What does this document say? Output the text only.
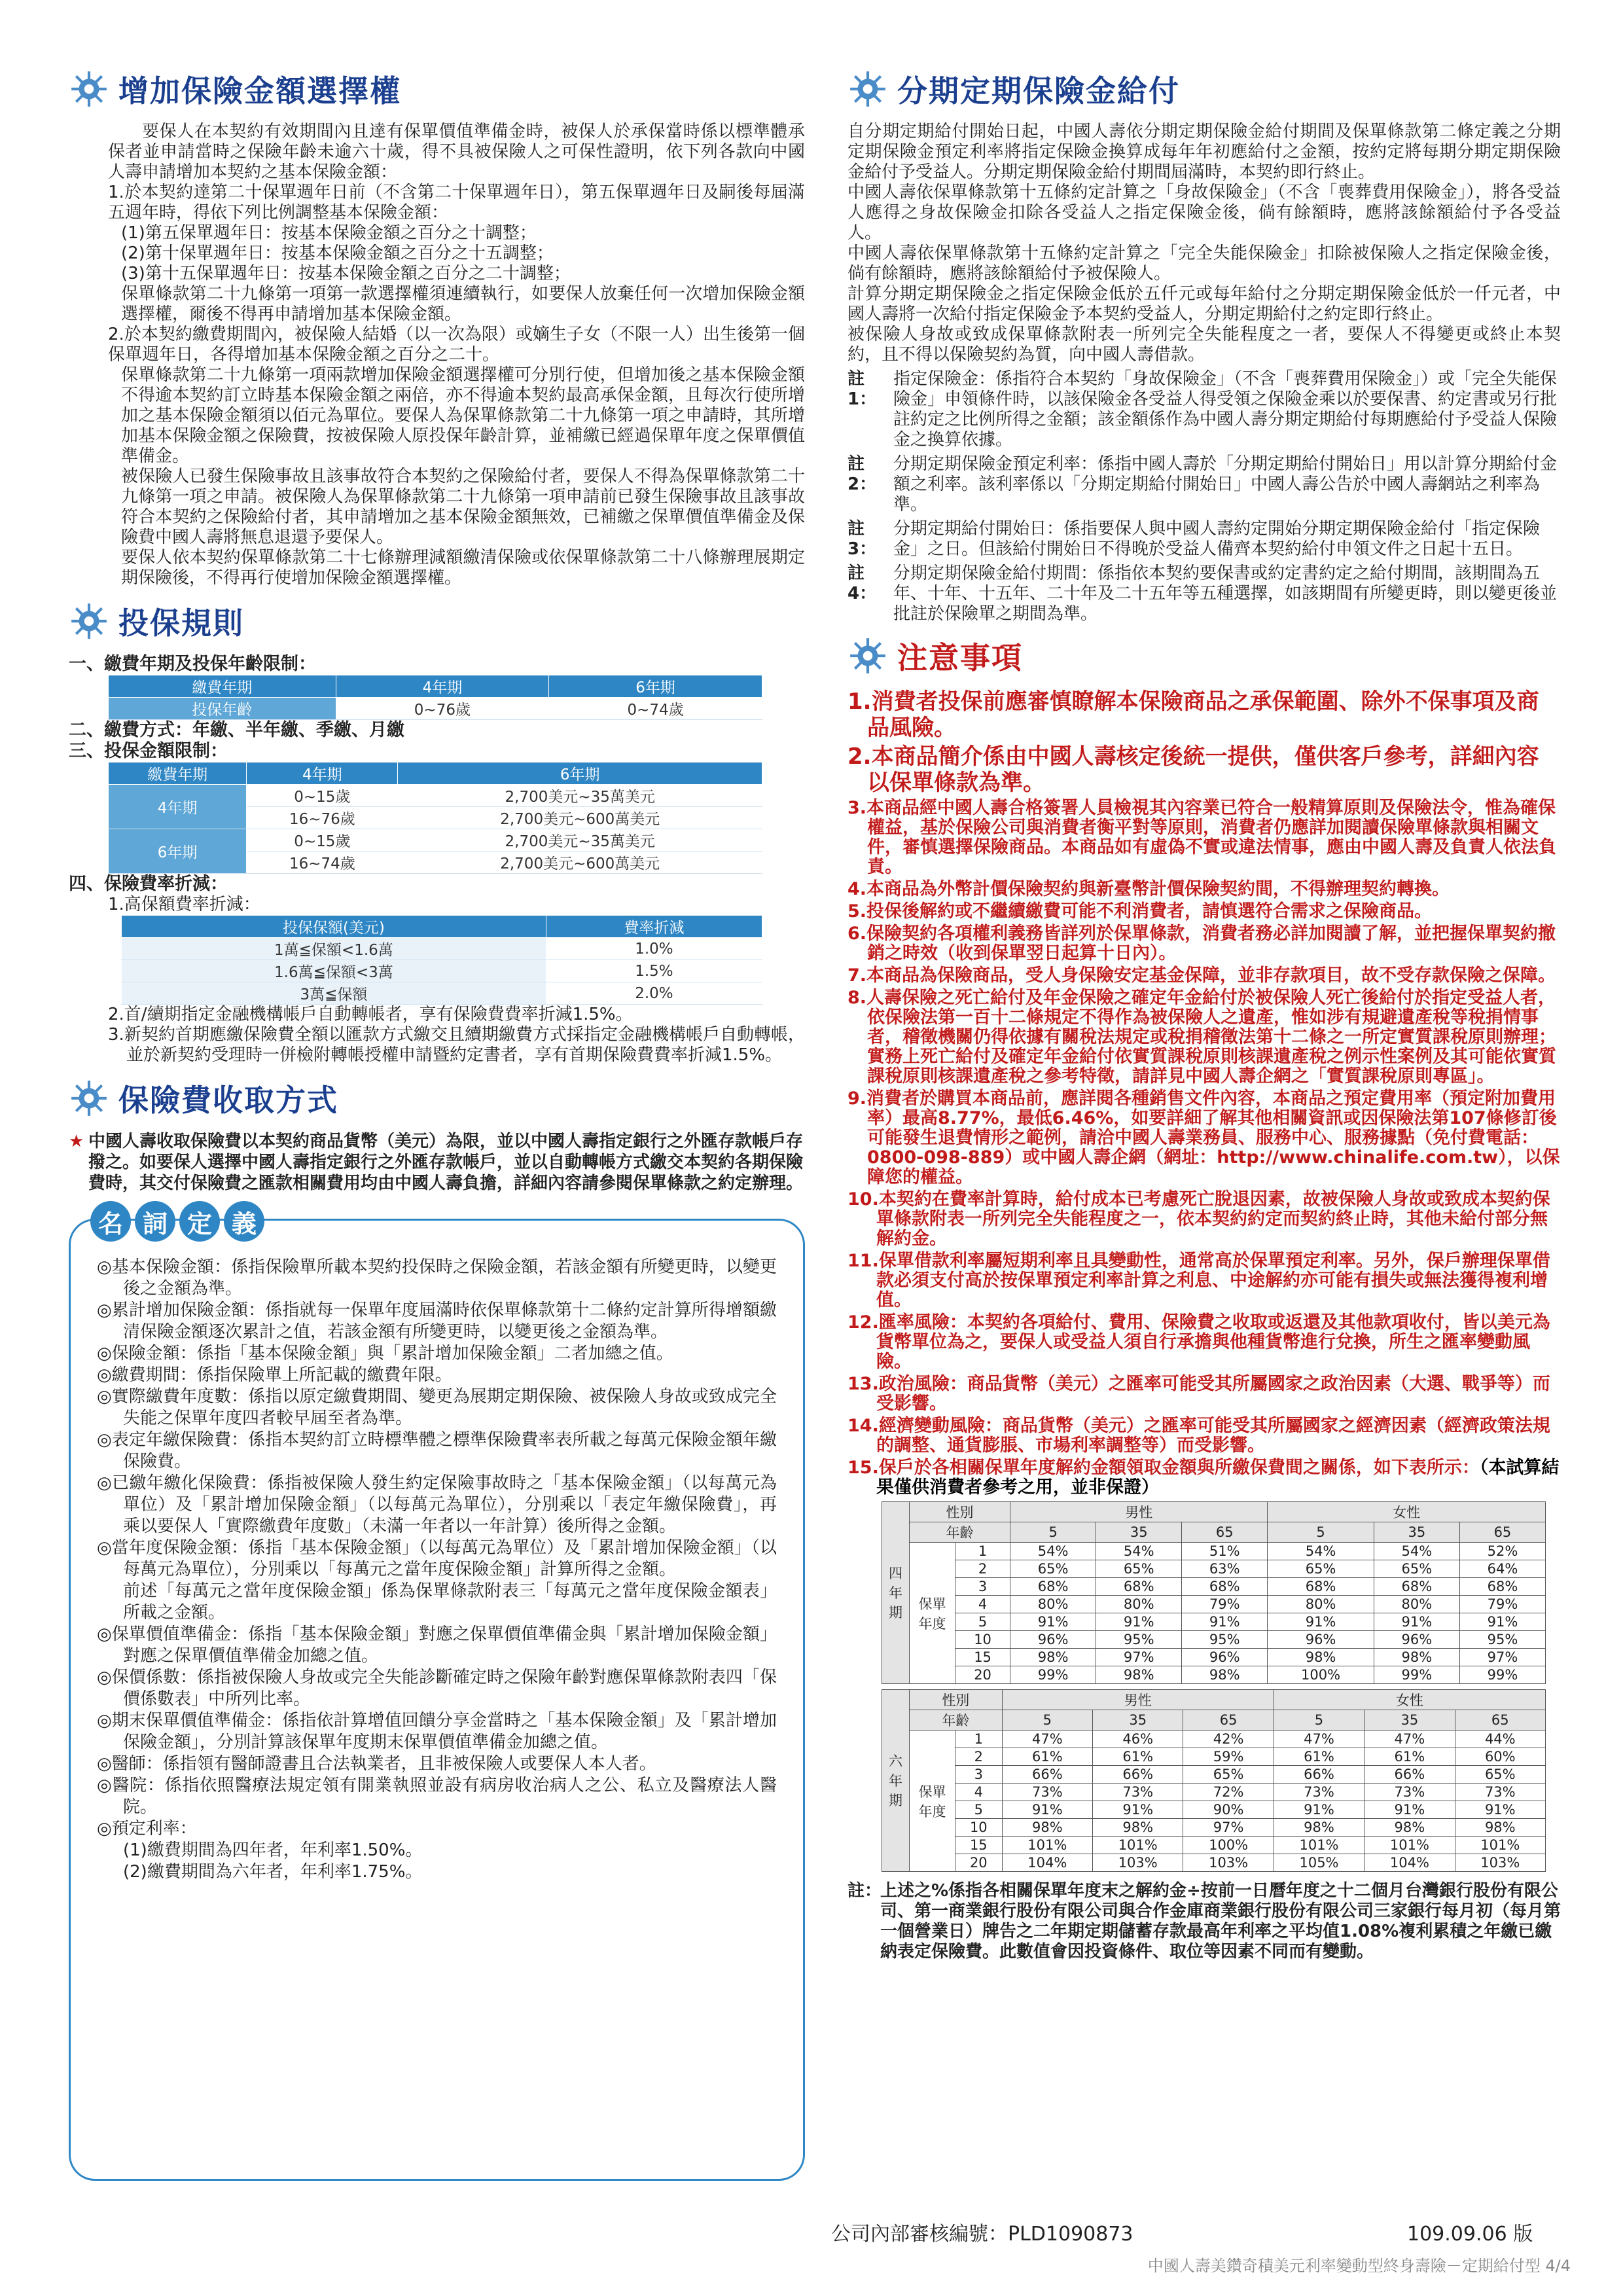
增加保險金額選擇權
要保人在本契約有效期間內且達有保單價值準備金時，被保人於承保當時係以標準體承保者並申請當時之保險年齡未逾六十歲，得不具被保險人之可保性證明，依下列各款向中國人壽申請增加本契約之基本保險金額：
1.於本契約達第二十保單週年日前（不含第二十保單週年日），第五保單週年日及嗣後每屆滿五週年時，得依下列比例調整基本保險金額：
(1)第五保單週年日：按基本保險金額之百分之十調整；
(2)第十保單週年日：按基本保險金額之百分之十五調整；
(3)第十五保單週年日：按基本保險金額之百分之二十調整；
保單條款第二十九條第一項第一款選擇權須連續執行，如要保人放棄任何一次增加保險金額選擇權，爾後不得再申請增加基本保險金額。
2.於本契約繳費期間內，被保險人結婚（以一次為限）或嫡生子女（不限一人）出生後第一個保單週年日，各得增加基本保險金額之百分之二十。
保單條款第二十九條第一項兩款增加保險金額選擇權可分別行使，但增加後之基本保險金額不得逾本契約訂立時基本保險金額之兩倍，亦不得逾本契約最高承保金額，且每次行使所增加之基本保險金額須以佰元為單位。要保人為保單條款第二十九條第一項之申請時，其所增加基本保險金額之保險費，按被保險人原投保年齡計算，並補繳已經過保單年度之保單價值準備金。
被保險人已發生保險事故且該事故符合本契約之保險給付者，要保人不得為保單條款第二十九條第一項之申請。被保險人為保單條款第二十九條第一項申請前已發生保險事故且該事故符合本契約之保險給付者，其申請增加之基本保險金額無效，已補繳之保單價值準備金及保險費中國人壽將無息退還予要保人。
要保人依本契約保單條款第二十七條辦理減額繳清保險或依保單條款第二十八條辦理展期定期保險後，不得再行使增加保險金額選擇權。
投保規則
一、繳費年期及投保年齡限制：
繳費年期	4年期	6年期
投保年齡	0~76歲	0~74歲
二、繳費方式：年繳、半年繳、季繳、月繳
三、投保金額限制：
繳費年期	4年期	6年期
4年期	0~15歲	2,700美元~35萬美元
	16~76歲	2,700美元~600萬美元
6年期	0~15歲	2,700美元~35萬美元
	16~74歲	2,700美元~600萬美元
四、保險費率折減：
1.高保額費率折減：
投保保額(美元)	費率折減
1萬≦保額<1.6萬	1.0%
1.6萬≦保額<3萬	1.5%
3萬≦保額	2.0%
2.首/續期指定金融機構帳戶自動轉帳者，享有保險費費率折減1.5%。
3.新契約首期應繳保險費全額以匯款方式繳交且續期繳費方式採指定金融機構帳戶自動轉帳，並於新契約受理時一併檢附轉帳授權申請暨約定書者，享有首期保險費費率折減1.5%。
保險費收取方式
★ 中國人壽收取保險費以本契約商品貨幣（美元）為限，並以中國人壽指定銀行之外匯存款帳戶存撥之。如要保人選擇中國人壽指定銀行之外匯存款帳戶，並以自動轉帳方式繳交本契約各期保險費時，其交付保險費之匯款相關費用均由中國人壽負擔，詳細內容請參閱保單條款之約定辦理。
名 詞 定 義
◎基本保險金額：係指保險單所載本契約投保時之保險金額，若該金額有所變更時，以變更後之金額為準。
◎累計增加保險金額：係指就每一保單年度屆滿時依保單條款第十二條約定計算所得增額繳清保險金額逐次累計之值，若該金額有所變更時，以變更後之金額為準。
◎保險金額：係指「基本保險金額」與「累計增加保險金額」二者加總之值。
◎繳費期間：係指保險單上所記載的繳費年限。
◎實際繳費年度數：係指以原定繳費期間、變更為展期定期保險、被保險人身故或致成完全失能之保單年度四者較早屆至者為準。
◎表定年繳保險費：係指本契約訂立時標準體之標準保險費率表所載之每萬元保險金額年繳保險費。
◎已繳年繳化保險費：係指被保險人發生約定保險事故時之「基本保險金額」（以每萬元為單位）及「累計增加保險金額」（以每萬元為單位），分別乘以「表定年繳保險費」，再乘以要保人「實際繳費年度數」（未滿一年者以一年計算）後所得之金額。
◎當年度保險金額：係指「基本保險金額」（以每萬元為單位）及「累計增加保險金額」（以每萬元為單位），分別乘以「每萬元之當年度保險金額」計算所得之金額。
前述「每萬元之當年度保險金額」係為保單條款附表三「每萬元之當年度保險金額表」所載之金額。
◎保單價值準備金：係指「基本保險金額」對應之保單價值準備金與「累計增加保險金額」對應之保單價值準備金加總之值。
◎保價係數：係指被保險人身故或完全失能診斷確定時之保險年齡對應保單條款附表四「保價係數表」中所列比率。
◎期末保單價值準備金：係指依計算增值回饋分享金當時之「基本保險金額」及「累計增加保險金額」，分別計算該保單年度期末保單價值準備金加總之值。
◎醫師：係指領有醫師證書且合法執業者，且非被保險人或要保人本人者。
◎醫院：係指依照醫療法規定領有開業執照並設有病房收治病人之公、私立及醫療法人醫院。
◎預定利率：
(1)繳費期間為四年者，年利率1.50%。
(2)繳費期間為六年者，年利率1.75%。
分期定期保險金給付
自分期定期給付開始日起，中國人壽依分期定期保險金給付期間及保單條款第二條定義之分期定期保險金預定利率將指定保險金換算成每年年初應給付之金額，按約定將每期分期定期保險金給付予受益人。分期定期保險金給付期間屆滿時，本契約即行終止。
中國人壽依保單條款第十五條約定計算之「身故保險金」（不含「喪葬費用保險金」），將各受益人應得之身故保險金扣除各受益人之指定保險金後，倘有餘額時，應將該餘額給付予各受益人。
中國人壽依保單條款第十五條約定計算之「完全失能保險金」扣除被保險人之指定保險金後，倘有餘額時，應將該餘額給付予被保險人。
計算分期定期保險金之指定保險金低於五仟元或每年給付之分期定期保險金低於一仟元者，中國人壽將一次給付指定保險金予本契約受益人，分期定期給付之約定即行終止。
被保險人身故或致成保單條款附表一所列完全失能程度之一者，要保人不得變更或終止本契約，且不得以保險契約為質，向中國人壽借款。
註1：
指定保險金：係指符合本契約「身故保險金」（不含「喪葬費用保險金」）或「完全失能保險金」申領條件時，以該保險金各受益人得受領之保險金乘以於要保書、約定書或另行批註約定之比例所得之金額；該金額係作為中國人壽分期定期給付每期應給付予受益人保險金之換算依據。
註2：
分期定期保險金預定利率：係指中國人壽於「分期定期給付開始日」用以計算分期給付金額之利率。該利率係以「分期定期給付開始日」中國人壽公告於中國人壽網站之利率為準。
註3：
分期定期給付開始日：係指要保人與中國人壽約定開始分期定期保險金給付「指定保險金」之日。但該給付開始日不得晚於受益人備齊本契約給付申領文件之日起十五日。
註4：
分期定期保險金給付期間：係指依本契約要保書或約定書約定之給付期間，該期間為五年、十年、十五年、二十年及二十五年等五種選擇，如該期間有所變更時，則以變更後並批註於保險單之期間為準。
注意事項
1.消費者投保前應審慎瞭解本保險商品之承保範圍、除外不保事項及商品風險。
2.本商品簡介係由中國人壽核定後統一提供，僅供客戶參考，詳細內容以保單條款為準。
3.本商品經中國人壽合格簽署人員檢視其內容業已符合一般精算原則及保險法令，惟為確保權益，基於保險公司與消費者衡平對等原則，消費者仍應詳加閱讀保險單條款與相關文件，審慎選擇保險商品。本商品如有虛偽不實或違法情事，應由中國人壽及負責人依法負責。
4.本商品為外幣計價保險契約與新臺幣計價保險契約間，不得辦理契約轉換。
5.投保後解約或不繼續繳費可能不利消費者，請慎選符合需求之保險商品。
6.保險契約各項權利義務皆詳列於保單條款，消費者務必詳加閱讀了解，並把握保單契約撤銷之時效（收到保單翌日起算十日內）。
7.本商品為保險商品，受人身保險安定基金保障，並非存款項目，故不受存款保險之保障。
8.人壽保險之死亡給付及年金保險之確定年金給付於被保險人死亡後給付於指定受益人者，依保險法第一百十二條規定不得作為被保險人之遺產，惟如涉有規避遺產稅等稅捐情事者，稽徵機關仍得依據有關稅法規定或稅捐稽徵法第十二條之一所定實質課稅原則辦理；實務上死亡給付及確定年金給付依實質課稅原則核課遺產稅之例示性案例及其可能依實質課稅原則核課遺產稅之參考特徵，請詳見中國人壽企網之「實質課稅原則專區」。
9.消費者於購買本商品前，應詳閱各種銷售文件內容，本商品之預定費用率（預定附加費用率）最高8.77%，最低6.46%，如要詳細了解其他相關資訊或因保險法第107條修訂後可能發生退費情形之範例，請洽中國人壽業務員、服務中心、服務據點（免付費電話：0800-098-889）或中國人壽企網（網址：http://www.chinalife.com.tw），以保障您的權益。
10.本契約在費率計算時，給付成本已考慮死亡脫退因素，故被保險人身故或致成本契約保單條款附表一所列完全失能程度之一，依本契約約定而契約終止時，其他未給付部分無解約金。
11.保單借款利率屬短期利率且具變動性，通常高於保單預定利率。另外，保戶辦理保單借款必須支付高於按保單預定利率計算之利息、中途解約亦可能有損失或無法獲得複利增值。
12.匯率風險：本契約各項給付、費用、保險費之收取或返還及其他款項收付，皆以美元為貨幣單位為之，要保人或受益人須自行承擔與他種貨幣進行兌換，所生之匯率變動風險。
13.政治風險：商品貨幣（美元）之匯率可能受其所屬國家之政治因素（大選、戰爭等）而受影響。
14.經濟變動風險：商品貨幣（美元）之匯率可能受其所屬國家之經濟因素（經濟政策法規的調整、通貨膨脹、市場利率調整等）而受影響。
15.保戶於各相關保單年度解約金額領取金額與所繳保費間之關係，如下表所示：（本試算結果僅供消費者參考之用，並非保證）
四
年
期	性別		男性			女性		
	年齡		5	35	65	5	35	65
	保單年度	1	54%	54%	51%	54%	54%	52%
		2	65%	65%	63%	65%	65%	64%
		3	68%	68%	68%	68%	68%	68%
		4	80%	80%	79%	80%	80%	79%
		5	91%	91%	91%	91%	91%	91%
		10	96%	95%	95%	96%	96%	95%
		15	98%	97%	96%	98%	98%	97%
		20	99%	98%	98%	100%	99%	99%
六
年
期	性別		男性			女性		
	年齡		5	35	65	5	35	65
	保單年度	1	47%	46%	42%	47%	47%	44%
		2	61%	61%	59%	61%	61%	60%
		3	66%	66%	65%	66%	66%	65%
		4	73%	73%	72%	73%	73%	73%
		5	91%	91%	90%	91%	91%	91%
		10	98%	98%	97%	98%	98%	98%
		15	101%	101%	100%	101%	101%	101%
		20	104%	103%	103%	105%	104%	103%
註：
上述之%係指各相關保單年度末之解約金÷按前一日曆年度之十二個月台灣銀行股份有限公司、第一商業銀行股份有限公司與合作金庫商業銀行股份有限公司三家銀行每月初（每月第一個營業日）牌告之二年期定期儲蓄存款最高年利率之平均值1.08%複利累積之年繳已繳納表定保險費。此數值會因投資條件、取位等因素不同而有變動。
公司內部審核編號：PLD1090873	109.09.06 版
中國人壽美鑽奇積美元利率變動型終身壽險－定期給付型 4/4
